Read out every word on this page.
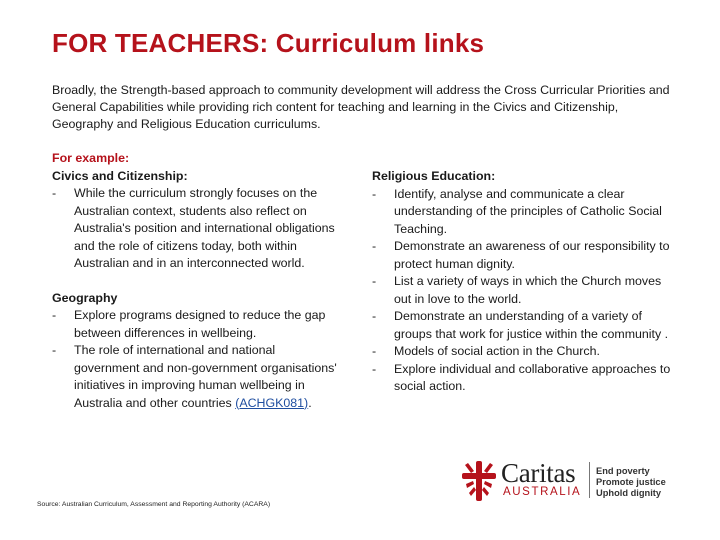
FOR TEACHERS: Curriculum links
Broadly, the Strength-based approach to community development will address the Cross Curricular Priorities and General Capabilities while providing rich content for teaching and learning in the Civics and Citizenship, Geography and Religious Education curriculums.
For example:
Civics and Citizenship:
- While the curriculum strongly focuses on the Australian context, students also reflect on Australia's position and international obligations and the role of citizens today, both within Australian and in an interconnected world.
Geography
- Explore programs designed to reduce the gap between differences in wellbeing.
- The role of international and national government and non-government organisations' initiatives in improving human wellbeing in Australia and other countries (ACHGK081).
Religious Education:
- Identify, analyse and communicate a clear understanding of the principles of Catholic Social Teaching.
- Demonstrate an awareness of our responsibility to protect human dignity.
- List a variety of ways in which the Church moves out in love to the world.
- Demonstrate an understanding of a variety of groups that work for justice within the community .
- Models of social action in the Church.
- Explore individual and collaborative approaches to social action.
Source: Australian Curriculum, Assessment and Reporting Authority (ACARA)
Caritas
AUSTRALIA
End poverty
Promote justice
Uphold dignity
